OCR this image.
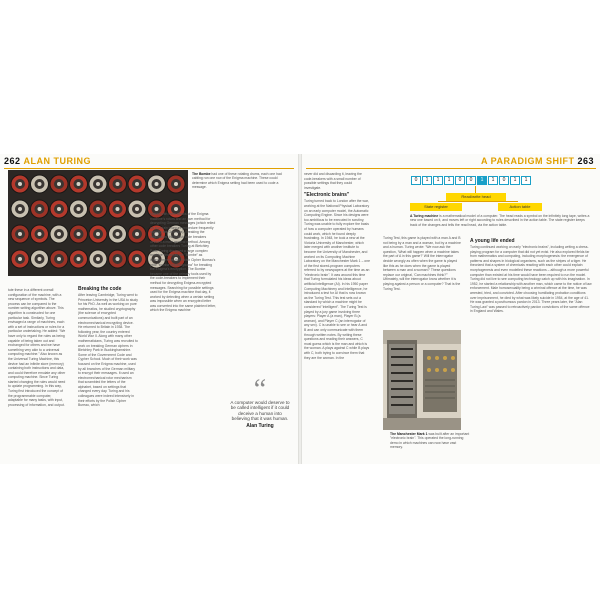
262 ALAN TURING	A PARADIGM SHIFT 263
The Bombe had one of these rotating drums, each one had cabling run one row of the Enigma machine. These could determine which Enigma setting had been used to code a message.
tute these in a different overall configuration of the machine, with a new sequence of symbols. The process can be compared to the number-writing algorithm above. This algorithm is constructed for one particular task. Similarly, Turing envisaged a range of machines, each with a set of instructions or rules for a particular undertaking. He added: "We have only to regard the rules as being capable of being taken out and exchanged for others and we have something very akin to a universal computing machine." Also known as the Universal Turing Machine, this device had an infinite store (memory) containing both instructions and data, and could therefore emulate any other computing machine. Since Turing started changing the rules would need to update programming. In this way, Turing first introduced the concept of the programmable computer, adaptable for many tasks, with input, processing of information, and output.
Breaking the code
After leaving Cambridge, Turing went to Princeton University in the USA to study for his PhD. As well as working on pure mathematics, he studied cryptography (the science of encrypted communications) and built part of an electromechanical encrypting device. He returned to Britain in 1938. The following year, the country entered World War II. Along with many other mathematicians, Turing was recruited to work on breaking German ciphers in Bletchley Park in Buckinghamshire. Some of the Government Code and Cypher School. Much of their work was focused on the Enigma machine, used by all branches of the German military to encrypt their messages. It used an electromechanical rotor mechanism that scrambled the letters of the alphabet, based on settings that changed every day. Turing and his colleagues were indeed intensively in their efforts by the Polish Cipher Bureau, which
shared with them details of the Enigma machine's rotors and an own method for decrypting German messages (which relied on a certain insecure procedure frequently used by the Germans). Breaking the information, the British code breakers devised a more general method. Among other code breakers Turing at Bletchley Park, Turing designed a large complex machine known as the "Bombe" as improvement on the Polish Cipher Bureau's prior "bomba kryptologiczna" for breaking the Enigma's encryption. The Bombe became one of the primary tools used by the code-breakers to implement their method for decrypting Enigma-encrypted messages. Searching for possible settings used for the Enigma machine that day, it worked by detecting when a certain setting was impossible when an encrypted letter was converted into the same plaintext letter, which the Enigma machine
“
A computer would deserve to be called intelligent if it could deceive a human into believing that it was human.
Alan Turing
never did and discarding it, leaving the code-breakers with a small number of possible settings that they could investigate.
"Electronic brains"
Turing turned back to London after the war, working at the National Physical Laboratory on an early computer model, the Automatic Computing Engine. Since his designs were too ambitious to be executed in scrutiny, Turing was unable to fully explore the basis of how a computer operated by humans could work, which he found deeply frustrating. In 1948, he took a new at the Victoria University of Manchester, which later merged with another institute to become the University of Manchester, and worked on its Computing Machine Laboratory on the Manchester Mark 1 – one of the first stored-program computers referred to by newspapers at the time as an "electronic brain". It was around this time that Turing formulated his ideas about artificial intelligence (AI). In his 1950 paper Computing Machinery and Intelligence, he introduced a test for AI that is now known as the Turing Test. This test sets out a standard by which a machine might be considered "intelligent". The Turing Test is played by a jury game involving three players: Player A (a man), Player B (a woman), and Player C (an interrogator of any sex). C is unable to see or hear A and B and can only communicate with them through written notes. By writing these questions and reading their answers, C must guess which is the man and which is the woman. A plays against C while B plays with C, both trying to convince them that they are the woman. In the
0	1	1	1	0	0	1	1	0	1	1
Read/write head
State register	Action table
A Turing machine is a mathematical model of a computer. The head reads a symbol on the infinitely long tape, writes a new one based on it, and moves left or right according to rules described in the action table. The state register keeps track of the changes and tells the read head, via the action table.
Turing Test, this game is played with a man A and B not being by a man and a woman, but by a machine and a human. Turing wrote: "We now ask the question, 'What will happen when a machine takes the part of A in this game?' Will the interrogator decide wrongly as often when the game is played like this as he does when the game is played between a man and a woman?' These questions replace our original, 'Can machines think?'" Ultimately, will the interrogator know whether it is playing against a person or a computer? That is the Turing Test.
The Manchester Mark 1 was built after an important "electronic brain". This operated the long-running demo in which machines can now have vast memory.
A young life ended
Turing continued working on early "electronic brains", including writing a chess-playing program for a computer that did not yet exist. He also explored fields far from mathematics and computing, including morphogenesis: the emergence of patterns and shapes in biological organisms, such as the stripes of a tiger. He theorized that a system of chemicals reacting with each other could explain morphogenesis and even modelled these reactions – although a more powerful computer than existed at his time would have been required to run the model. Turing did not live to see computing technology catch up with his imagination. In 1952, he started a relationship with another man, which came to the notice of law enforcement. Male homosexuality being a criminal offence at the time, he was arrested, tried, and convicted. After choosing humiliating probation conditions over imprisonment, he died by what was likely suicide in 1954, at the age of 41. He was granted a posthumous pardon in 2013. Three years later, the "Alan Turing Law" was passed to retroactively pardon convictions of the same offence in England and Wales.
